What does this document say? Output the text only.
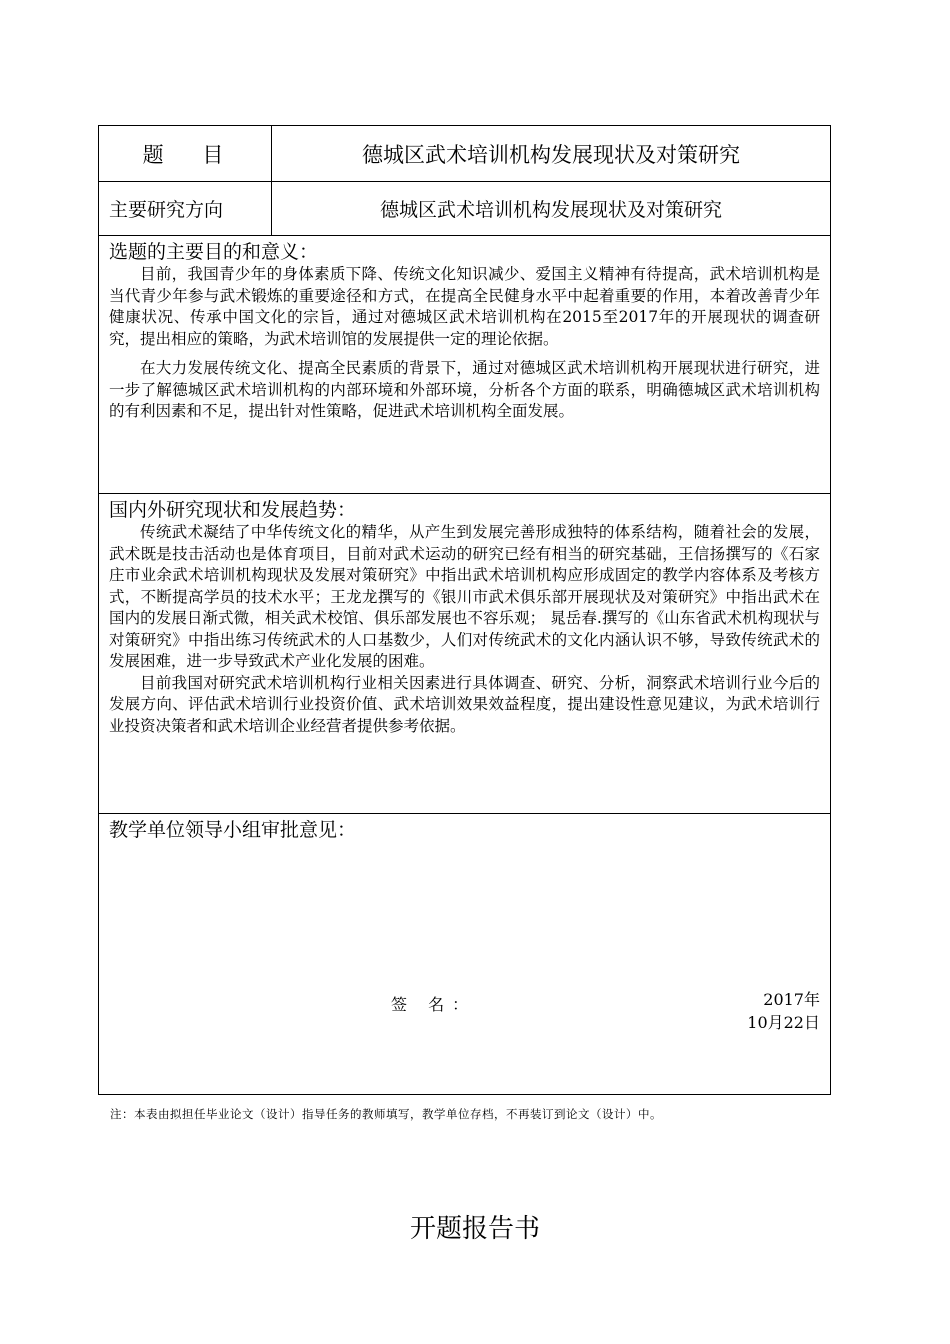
题 目	德城区武术培训机构发展现状及对策研究
主要研究方向	德城区武术培训机构发展现状及对策研究
选题的主要目的和意义：

目前，我国青少年的身体素质下降、传统文化知识减少、爱国主义精神有待提高，武术培训机构是当代青少年参与武术锻炼的重要途径和方式，在提高全民健身水平中起着重要的作用，本着改善青少年健康状况、传承中国文化的宗旨，通过对德城区武术培训机构在2015至2017年的开展现状的调查研究，提出相应的策略，为武术培训馆的发展提供一定的理论依据。

在大力发展传统文化、提高全民素质的背景下，通过对德城区武术培训机构开展现状进行研究，进一步了解德城区武术培训机构的内部环境和外部环境，分析各个方面的联系，明确德城区武术培训机构的有利因素和不足，提出针对性策略，促进武术培训机构全面发展。

国内外研究现状和发展趋势：

传统武术凝结了中华传统文化的精华，从产生到发展完善形成独特的体系结构，随着社会的发展，武术既是技击活动也是体育项目，目前对武术运动的研究已经有相当的研究基础，王信扬撰写的《石家庄市业余武术培训机构现状及发展对策研究》中指出武术培训机构应形成固定的教学内容体系及考核方式，不断提高学员的技术水平；王龙龙撰写的《银川市武术俱乐部开展现状及对策研究》中指出武术在国内的发展日渐式微，相关武术校馆、俱乐部发展也不容乐观； 晁岳春.撰写的《山东省武术机构现状与对策研究》中指出练习传统武术的人口基数少，人们对传统武术的文化内涵认识不够，导致传统武术的发展困难，进一步导致武术产业化发展的困难。

目前我国对研究武术培训机构行业相关因素进行具体调查、研究、分析，洞察武术培训行业今后的发展方向、评估武术培训行业投资价值、武术培训效果效益程度，提出建设性意见建议，为武术培训行业投资决策者和武术培训企业经营者提供参考依据。

教学单位领导小组审批意见：
签 名：	2017年
10月22日
注：本表由拟担任毕业论文（设计）指导任务的教师填写，教学单位存档，不再装订到论文（设计）中。
开题报告书
